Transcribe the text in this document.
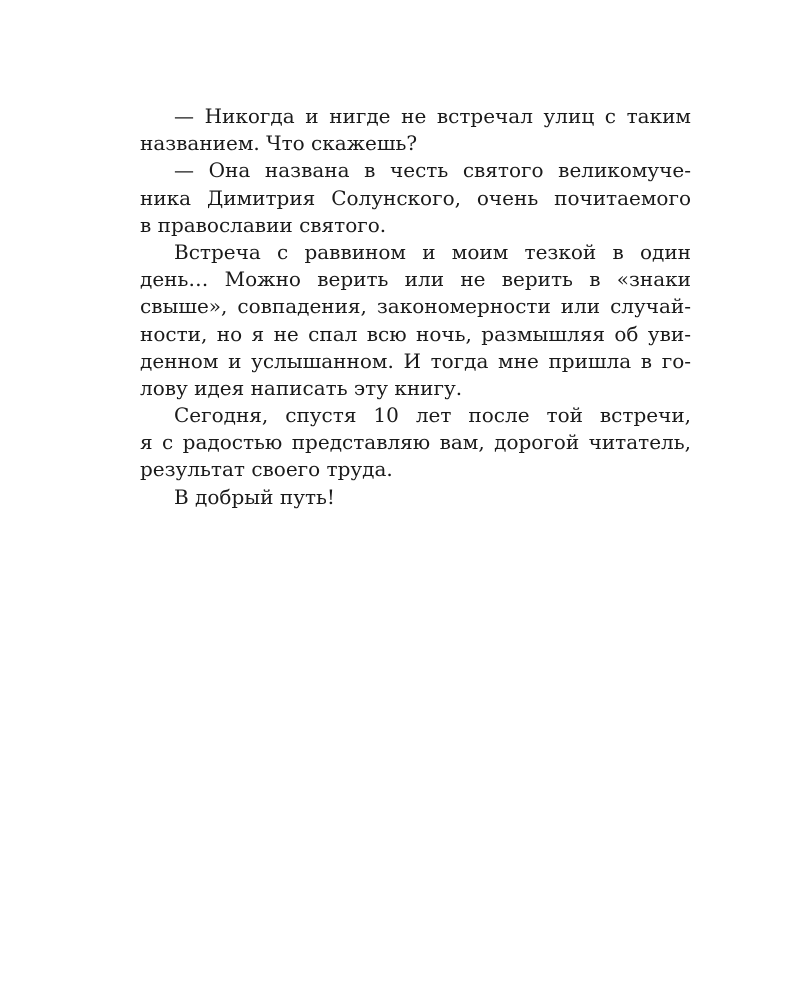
— Никогда и нигде не встречал улиц с таким
названием. Что скажешь?
— Она названа в честь святого великомуче-
ника Димитрия Солунского, очень почитаемого
в православии святого.
Встреча с раввином и моим тезкой в один
день… Можно верить или не верить в «знаки
свыше», совпадения, закономерности или случай-
ности, но я не спал всю ночь, размышляя об уви-
денном и услышанном. И тогда мне пришла в го-
лову идея написать эту книгу.
Сегодня, спустя 10 лет после той встречи,
я с радостью представляю вам, дорогой читатель,
результат своего труда.
В добрый путь!
